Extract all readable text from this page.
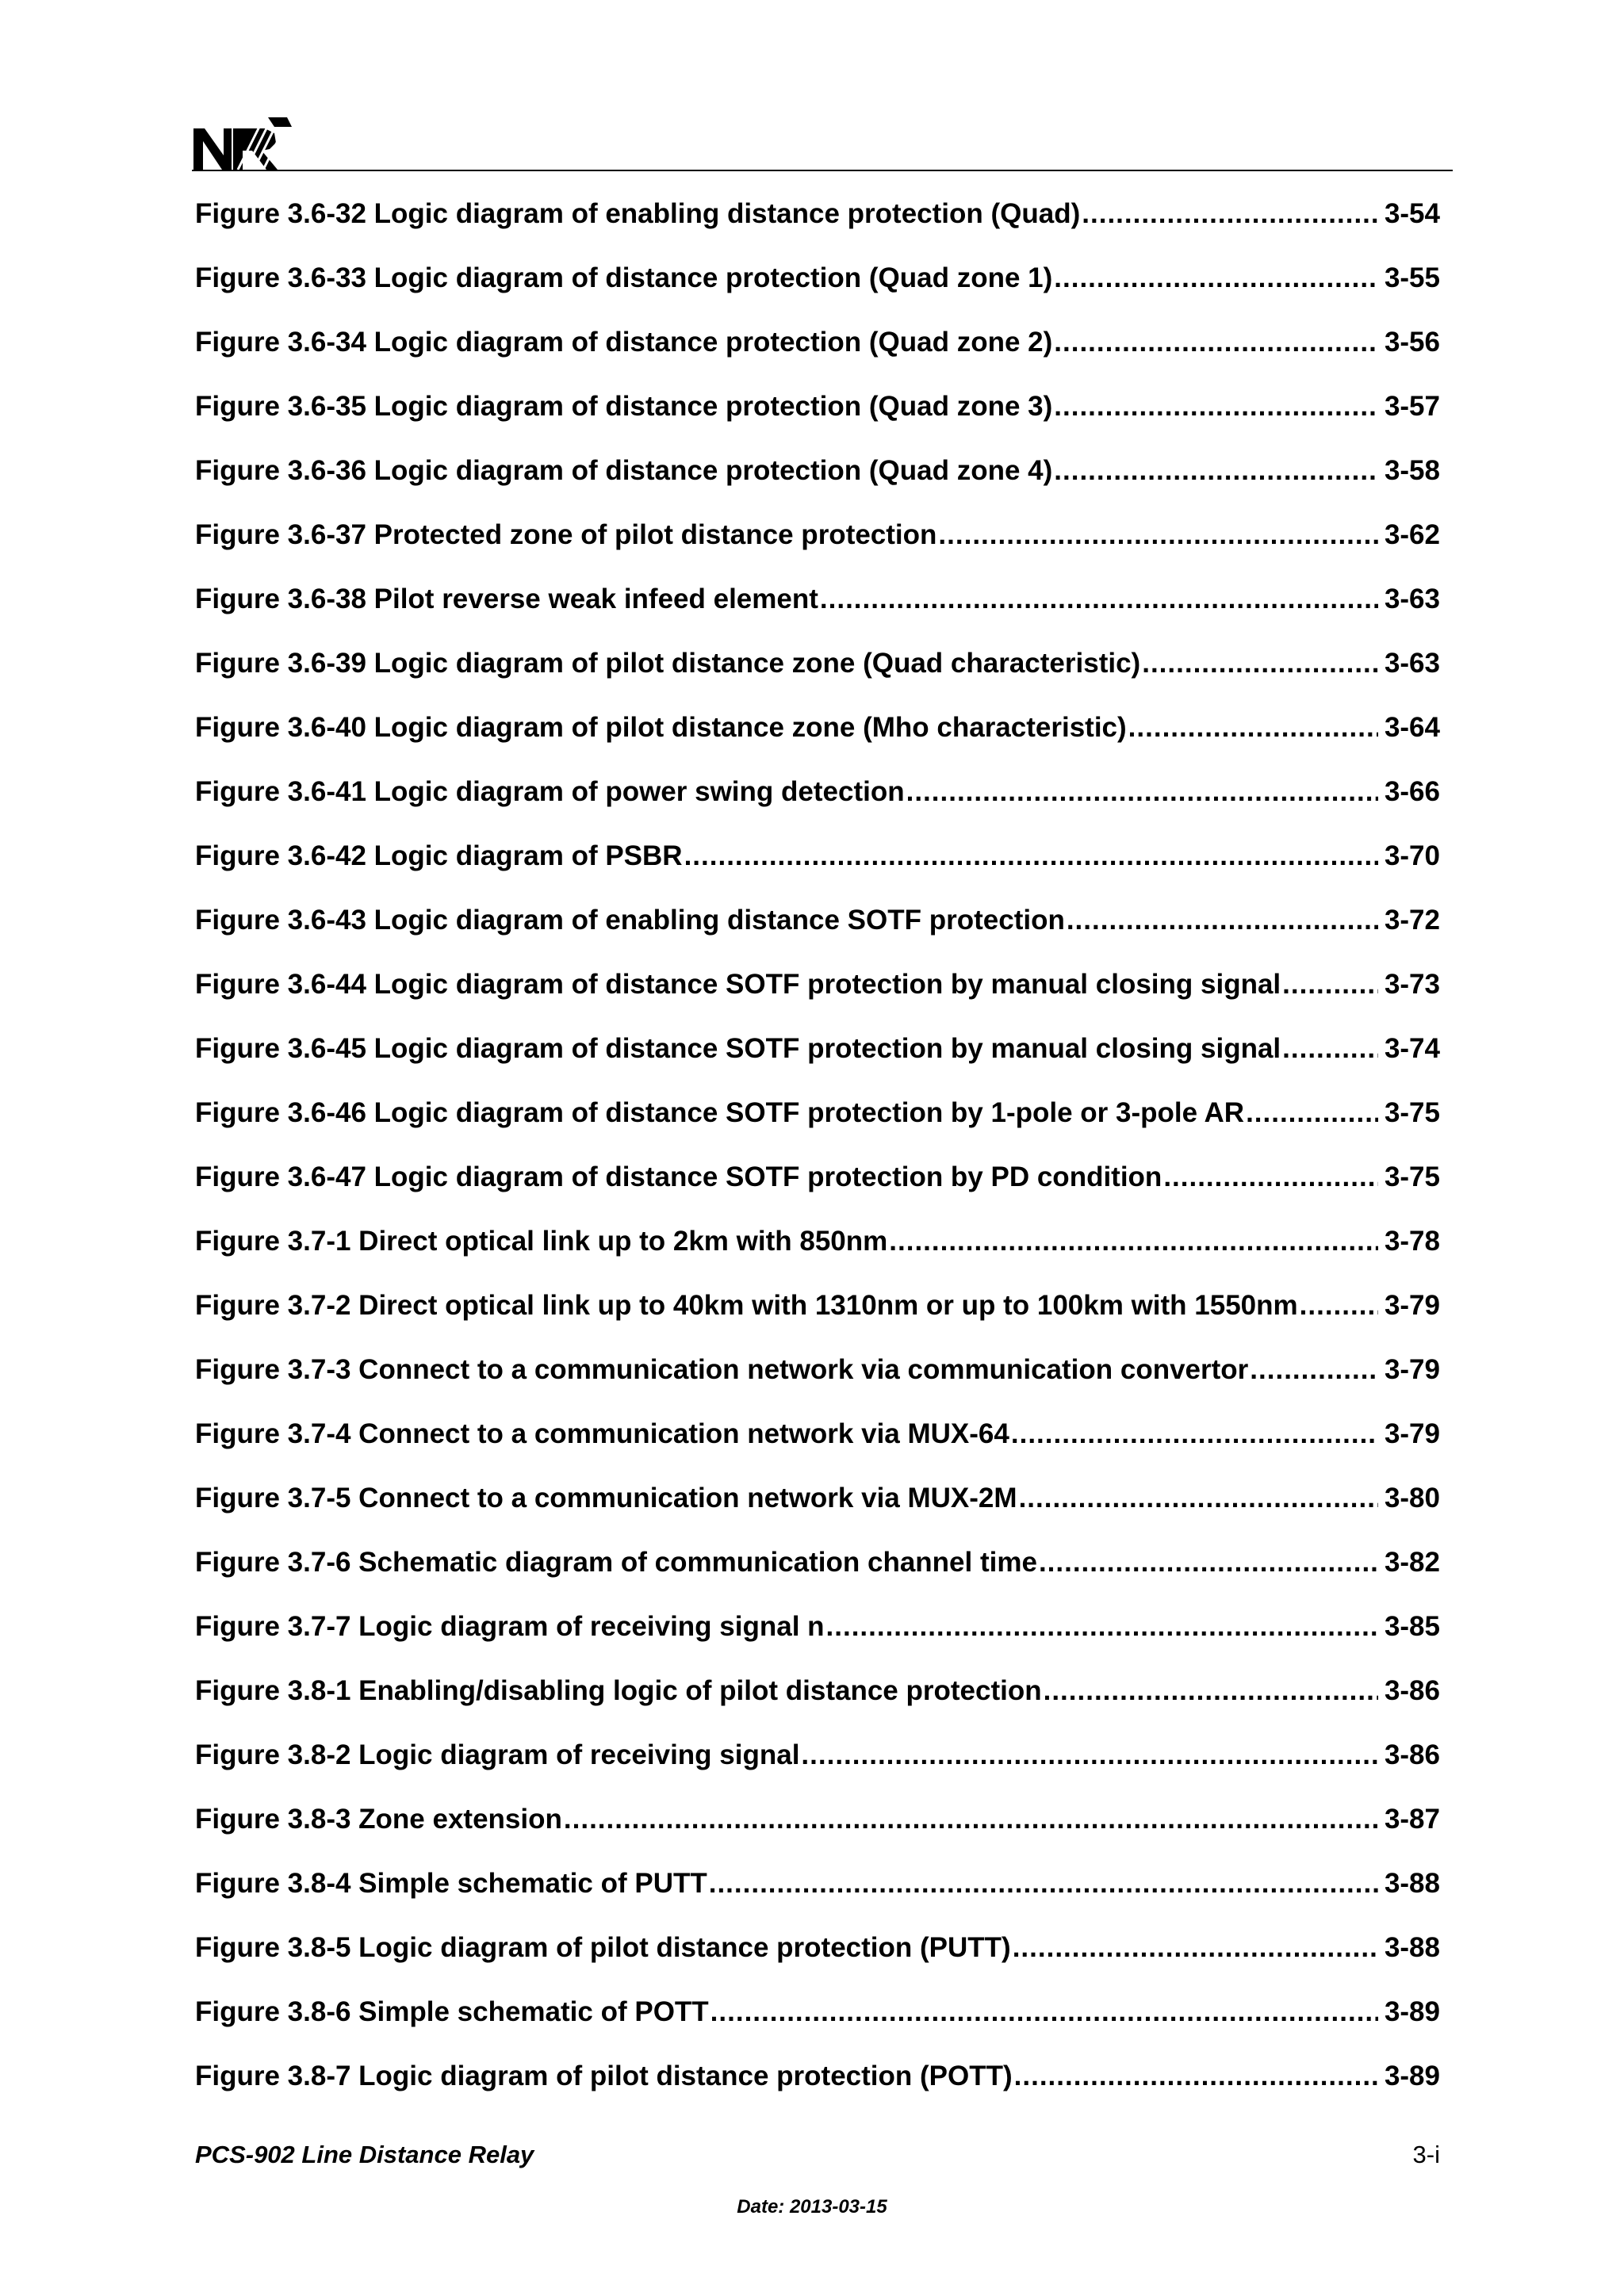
Figure 3.6-32 Logic diagram of enabling distance protection (Quad) .....	3-54
Figure 3.6-33 Logic diagram of distance protection (Quad zone 1) .....	3-55
Figure 3.6-34 Logic diagram of distance protection (Quad zone 2) .....	3-56
Figure 3.6-35 Logic diagram of distance protection (Quad zone 3) .....	3-57
Figure 3.6-36 Logic diagram of distance protection (Quad zone 4) .....	3-58
Figure 3.6-37 Protected zone of pilot distance protection .....	3-62
Figure 3.6-38 Pilot reverse weak infeed element .....	3-63
Figure 3.6-39 Logic diagram of pilot distance zone (Quad characteristic) .....	3-63
Figure 3.6-40 Logic diagram of pilot distance zone (Mho characteristic) .....	3-64
Figure 3.6-41 Logic diagram of power swing detection .....	3-66
Figure 3.6-42 Logic diagram of PSBR .....	3-70
Figure 3.6-43 Logic diagram of enabling distance SOTF protection .....	3-72
Figure 3.6-44 Logic diagram of distance SOTF protection by manual closing signal .....	3-73
Figure 3.6-45 Logic diagram of distance SOTF protection by manual closing signal .....	3-74
Figure 3.6-46 Logic diagram of distance SOTF protection by 1-pole or 3-pole AR .....	3-75
Figure 3.6-47 Logic diagram of distance SOTF protection by PD condition .....	3-75
Figure 3.7-1 Direct optical link up to 2km with 850nm .....	3-78
Figure 3.7-2 Direct optical link up to 40km with 1310nm or up to 100km with 1550nm .....	3-79
Figure 3.7-3 Connect to a communication network via communication convertor .....	3-79
Figure 3.7-4 Connect to a communication network via MUX-64 .....	3-79
Figure 3.7-5 Connect to a communication network via MUX-2M .....	3-80
Figure 3.7-6 Schematic diagram of communication channel time .....	3-82
Figure 3.7-7 Logic diagram of receiving signal n .....	3-85
Figure 3.8-1 Enabling/disabling logic of pilot distance protection .....	3-86
Figure 3.8-2 Logic diagram of receiving signal .....	3-86
Figure 3.8-3 Zone extension .....	3-87
Figure 3.8-4 Simple schematic of PUTT .....	3-88
Figure 3.8-5 Logic diagram of pilot distance protection (PUTT) .....	3-88
Figure 3.8-6 Simple schematic of POTT .....	3-89
Figure 3.8-7 Logic diagram of pilot distance protection (POTT) .....	3-89
PCS-902 Line Distance Relay	3-i
Date: 2013-03-15
